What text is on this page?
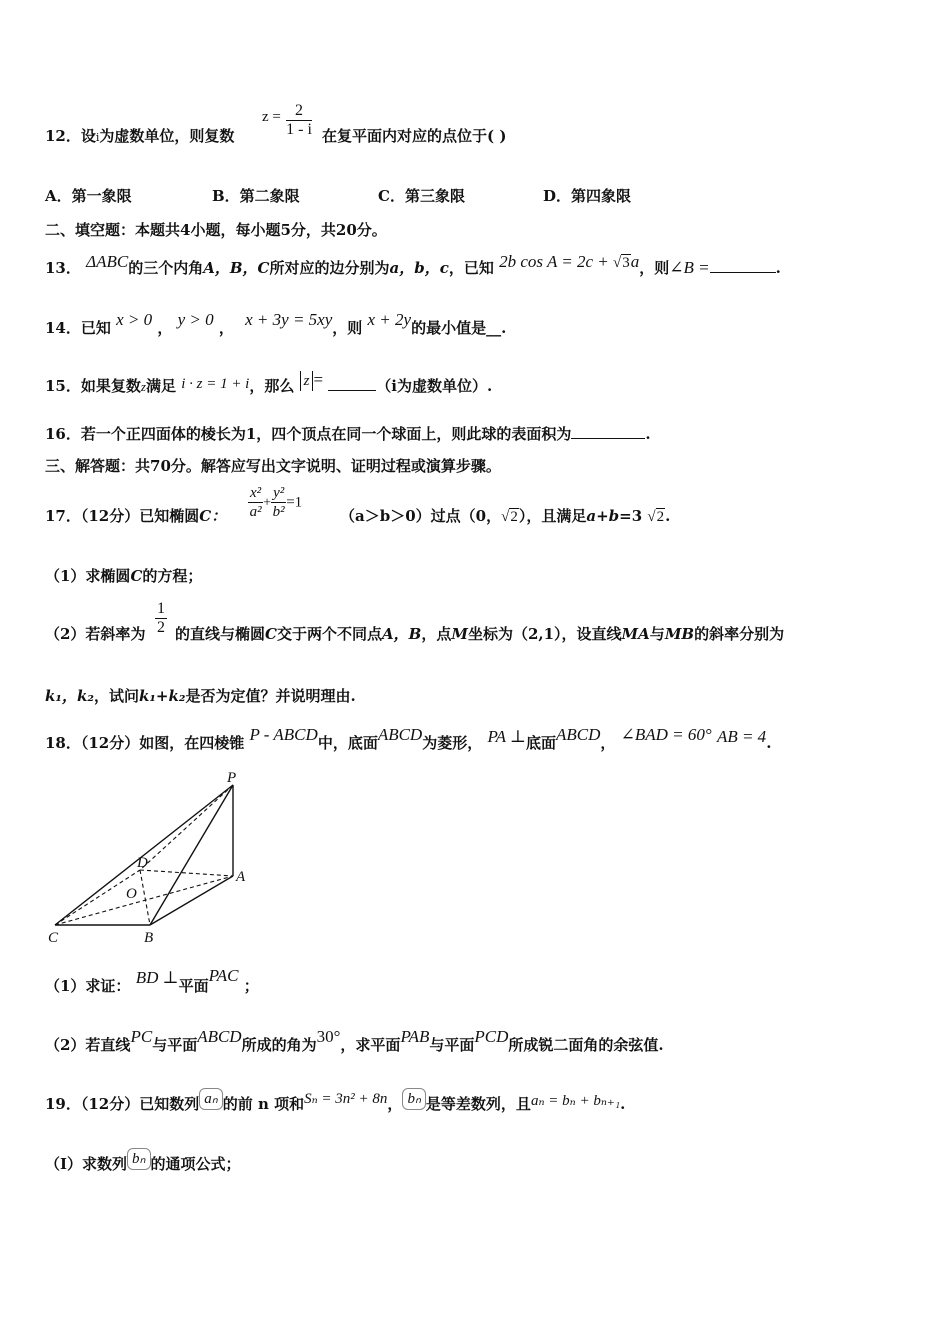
12．设i为虚数单位，则复数
$z = \frac{2}{1 - i}$ 在复平面内对应的点位于( )
A．第一象限	B．第二象限	C．第三象限	D．第四象限
二、填空题：本题共4小题，每小题5分，共20分。
13． ΔABC的三个内角A，B，C所对应的边分别为a，b，c，已知 2b cos A = 2c + √3a，则∠B =	.
14．已知 x > 0 ， y > 0 ， x + 3y = 5xy，则 x + 2y的最小值是__.
15．如果复数z满足 i · z = 1 + i，那么 z =	（i为虚数单位）.
16．若一个正四面体的棱长为1，四个顶点在同一个球面上，则此球的表面积为	.
三、解答题：共70分。解答应写出文字说明、证明过程或演算步骤。
17．（12分）已知椭圆C： $\frac{\text{x²}}{\text{a²}} + \frac{\text{y²}}{\text{b²}} =1$
（a＞b＞0）过点（0，√2），且满足a+b=3 √2.
（1）求椭圆C的方程；
（2）若斜率为 $\frac{1}{2}$ 的直线与椭圆C交于两个不同点A，B，点M坐标为（2,1），设直线MA与MB的斜率分别为
k₁，k₂，试问k₁+k₂是否为定值？并说明理由.
18．（12分）如图，在四棱锥 P - ABCD中，底面ABCD为菱形， PA ⊥底面ABCD， ∠BAD = 60° AB = 4.
P
D
A
O
C	B
（1）求证： BD ⊥平面PAC ；
（2）若直线PC与平面ABCD所成的角为30°，求平面PAB与平面PCD所成锐二面角的余弦值.
19．（12分）已知数列 aₙ 的前 n 项和Sₙ = 3n² + 8n， bₙ 是等差数列，且aₙ = bₙ + bₙ₊₁.
（Ⅰ）求数列 bₙ 的通项公式；
